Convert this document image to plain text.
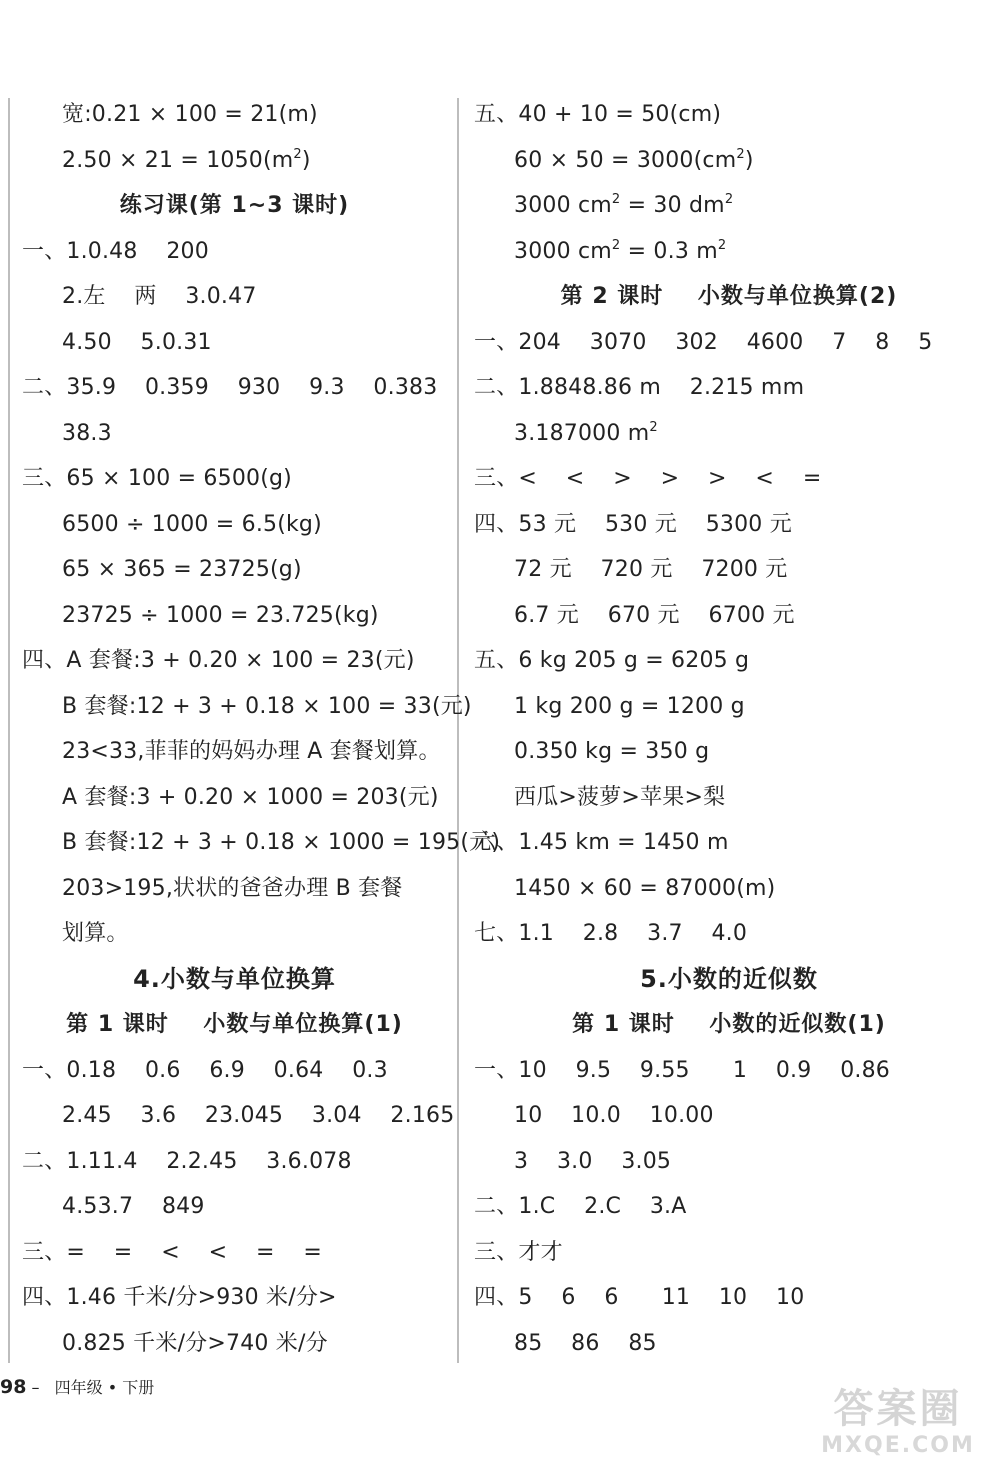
宽:0.21 × 100 = 21(m)
$2.50 \times 21 = 1050(m^2)$
练习课(第 1~3 课时)
一、1.0.48    200
2.左    两    3.0.47
4.50    5.0.31
二、35.9    0.359    930    9.3    0.383
38.3
三、65 × 100 = 6500(g)
6500 ÷ 1000 = 6.5(kg)
65 × 365 = 23725(g)
23725 ÷ 1000 = 23.725(kg)
四、A 套餐:3 + 0.20 × 100 = 23(元)
B 套餐:12 + 3 + 0.18 × 100 = 33(元)
23<33,菲菲的妈妈办理 A 套餐划算。
A 套餐:3 + 0.20 × 1000 = 203(元)
B 套餐:12 + 3 + 0.18 × 1000 = 195(元)
203>195,状状的爸爸办理 B 套餐
划算。
4.小数与单位换算
第 1 课时    小数与单位换算(1)
一、0.18    0.6    6.9    0.64    0.3
2.45    3.6    23.045    3.04    2.165
二、1.11.4    2.2.45    3.6.078
4.53.7    849
三、=    =    <    <    =    =
四、1.46 千米/分>930 米/分>
0.825 千米/分>740 米/分
五、40 + 10 = 50(cm)
$60 \times 50 = 3000(cm^2)$
3000 $cm^2 = 30$ $dm^2$
3000 $cm^2 = 0.3$ $m^2$
第 2 课时    小数与单位换算(2)
一、204    3070    302    4600    7    8    5
二、1.8848.86 m    2.215 mm
3.187000 $m^2$
三、<    <    >    >    >    <    =
四、53 元    530 元    5300 元
72 元    720 元    7200 元
6.7 元    670 元    6700 元
五、6 kg 205 g = 6205 g
1 kg 200 g = 1200 g
0.350 kg = 350 g
西瓜>菠萝>苹果>梨
六、1.45 km = 1450 m
1450 × 60 = 87000(m)
七、1.1    2.8    3.7    4.0
5.小数的近似数
第 1 课时    小数的近似数(1)
一、10    9.5    9.55      1    0.9    0.86
10    10.0    10.00
3    3.0    3.05
二、1.C    2.C    3.A
三、才才
四、5    6    6      11    10    10
85    86    85
98 – 四年级 • 下册	答案圈
MXQE.COM
